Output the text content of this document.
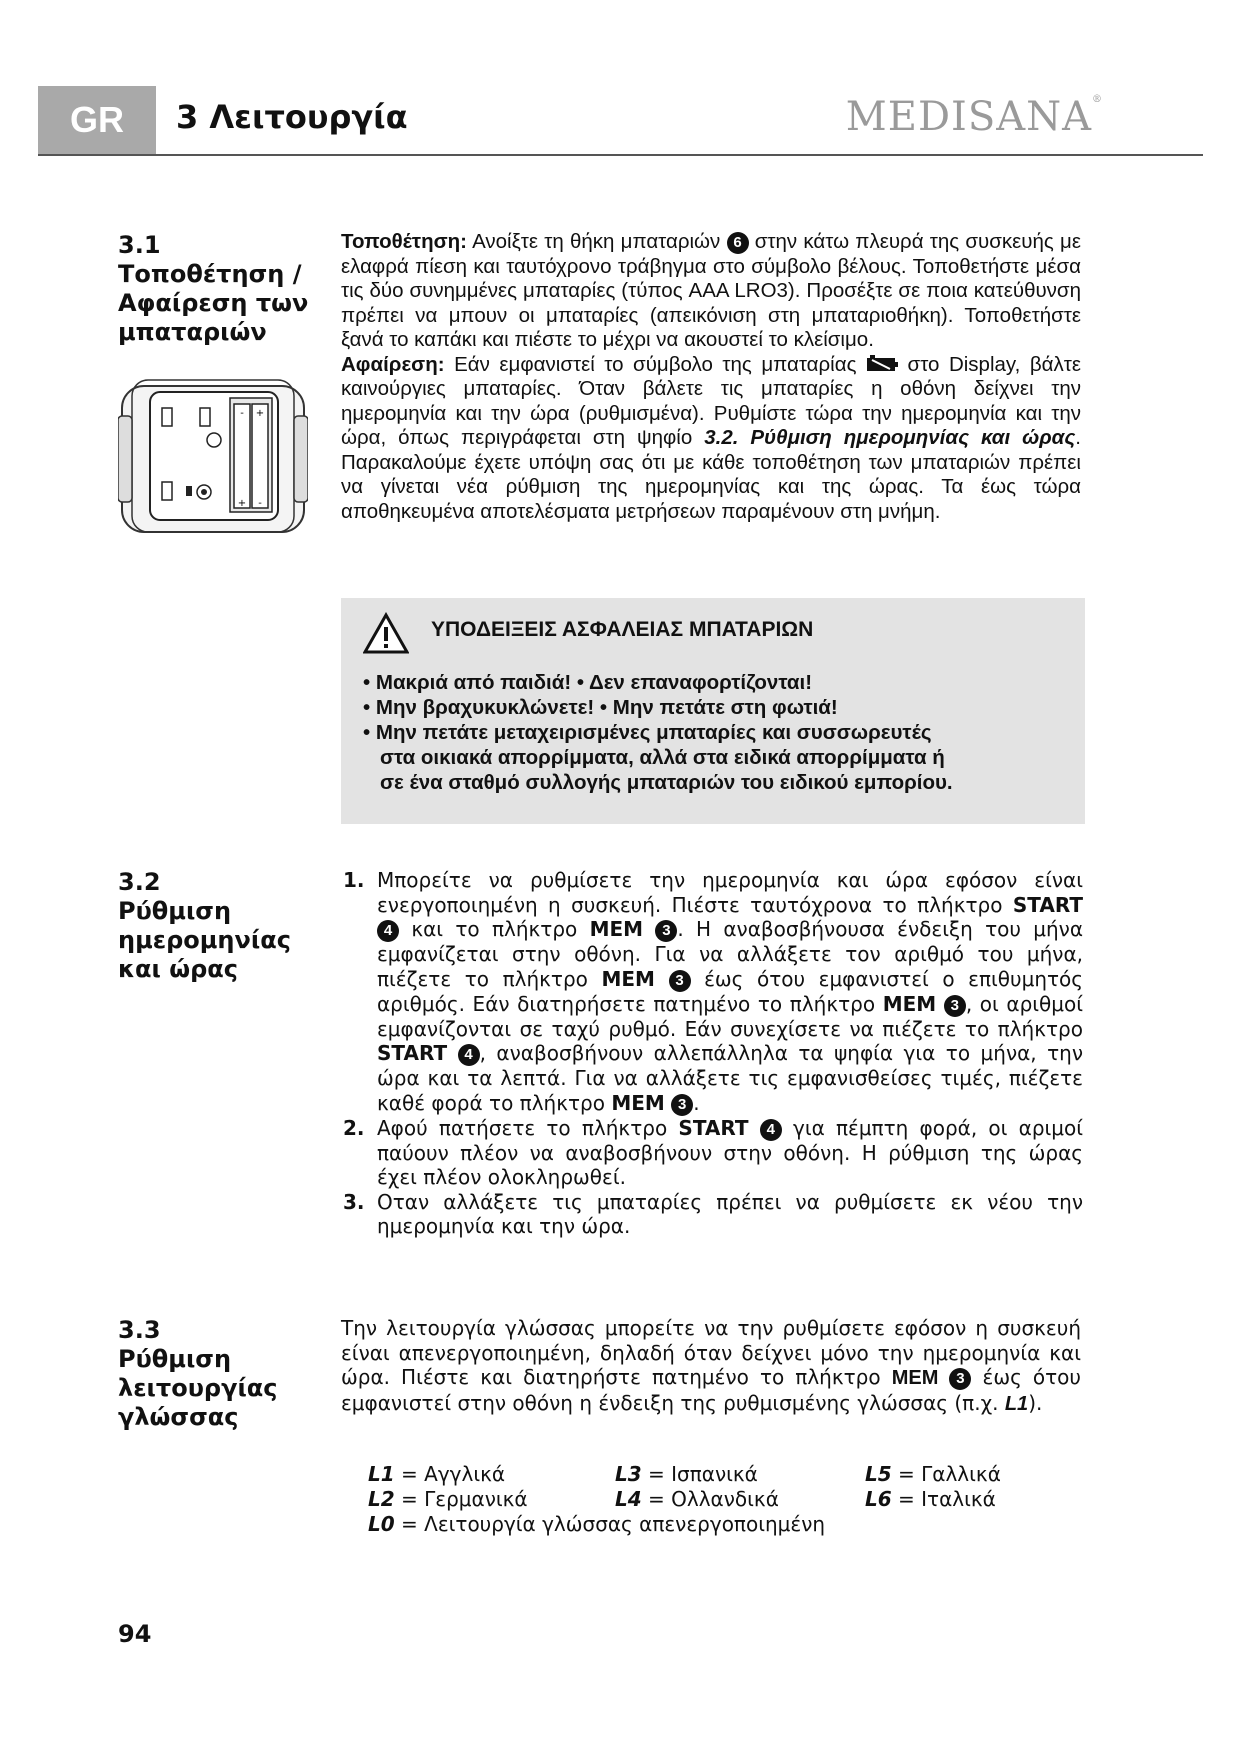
GR	3 Λειτουργία	MEDISANA®
3.1
Τοποθέτηση / Αφαίρεση των μπαταριών
- +
+ -
Τοποθέτηση: Ανοίξτε τη θήκη μπαταριών 6 στην κάτω πλευρά της συσκευής με ελαφρά πίεση και ταυτόχρονο τράβηγμα στο σύμβολο βέλους. Τοποθετήστε μέσα τις δύο συνημμένες μπαταρίες (τύπος AAA LRO3). Προσέξτε σε ποια κατεύθυνση πρέπει να μπουν οι μπαταρίες (απεικόνιση στη μπαταριοθήκη). Τοποθετήστε ξανά το καπάκι και πιέστε το μέχρι να ακουστεί το κλείσιμο.
Αφαίρεση: Εάν εμφανιστεί το σύμβολο της μπαταρίας στο Display, βάλτε καινούργιες μπαταρίες. Όταν βάλετε τις μπαταρίες η οθόνη δείχνει την ημερομηνία και την ώρα (ρυθμισμένα). Ρυθμίστε τώρα την ημερομηνία και την ώρα, όπως περιγράφεται στη ψηφίο 3.2. Ρύθμιση ημερομηνίας και ώρας. Παρακαλούμε έχετε υπόψη σας ότι με κάθε τοποθέτηση των μπαταριών πρέπει να γίνεται νέα ρύθμιση της ημερομηνίας και της ώρας. Τα έως τώρα αποθηκευμένα αποτελέσματα μετρήσεων παραμένουν στη μνήμη.
ΥΠΟΔΕΙΞΕΙΣ ΑΣΦΑΛΕΙΑΣ ΜΠΑΤΑΡΙΩΝ
• Μακριά από παιδιά! • Δεν επαναφορτίζονται!
• Μην βραχυκυκλώνετε! • Μην πετάτε στη φωτιά!
• Μην πετάτε μεταχειρισμένες μπαταρίες και συσσωρευτές
στα οικιακά απορρίμματα, αλλά στα ειδικά απορρίμματα ή
σε ένα σταθμό συλλογής μπαταριών του ειδικού εμπορίου.
3.2
Ρύθμιση ημερομηνίας και ώρας
1. Μπορείτε να ρυθμίσετε την ημερομηνία και ώρα εφόσον είναι ενεργοποιημένη η συσκευή. Πιέστε ταυτόχρονα το πλήκτρο START 4 και το πλήκτρο MEM 3 . Η αναβοσβήνουσα ένδειξη του μήνα εμφανίζεται στην οθόνη. Για να αλλάξετε τον αριθμό του μήνα, πιέζετε το πλήκτρο MEM 3 έως ότου εμφανιστεί ο επιθυμητός αριθμός. Εάν διατηρήσετε πατημένο το πλήκτρο MEM 3 , οι αριθμοί εμφανίζονται σε ταχύ ρυθμό. Εάν συνεχίσετε να πιέζετε το πλήκτρο START 4 , αναβοσβήνουν αλλεπάλληλα τα ψηφία για το μήνα, την ώρα και τα λεπτά. Για να αλλάξετε τις εμφανισθείσες τιμές, πιέζετε καθέ φορά το πλήκτρο MEM 3 .
2. Αφού πατήσετε το πλήκτρο START 4 για πέμπτη φορά, οι αριμοί παύουν πλέον να αναβοσβήνουν στην οθόνη. Η ρύθμιση της ώρας έχει πλέον ολοκληρωθεί.
3. Οταν αλλάξετε τις μπαταρίες πρέπει να ρυθμίσετε εκ νέου την ημερομηνία και την ώρα.
3.3
Ρύθμιση λειτουργίας γλώσσας
Την λειτουργία γλώσσας μπορείτε να την ρυθμίσετε εφόσον η συσκευή είναι απενεργοποιημένη, δηλαδή όταν δείχνει μόνο την ημερομηνία και ώρα. Πιέστε και διατηρήστε πατημένο το πλήκτρο MEM 3 έως ότου εμφανιστεί στην οθόνη η ένδειξη της ρυθμισμένης γλώσσας (π.χ. L1).
L1 = Αγγλικά	L3 = Ισπανικά	L5 = Γαλλικά
L2 = Γερμανικά	L4 = Ολλανδικά	L6 = Ιταλικά
L0 = Λειτουργία γλώσσας απενεργοποιημένη
94
